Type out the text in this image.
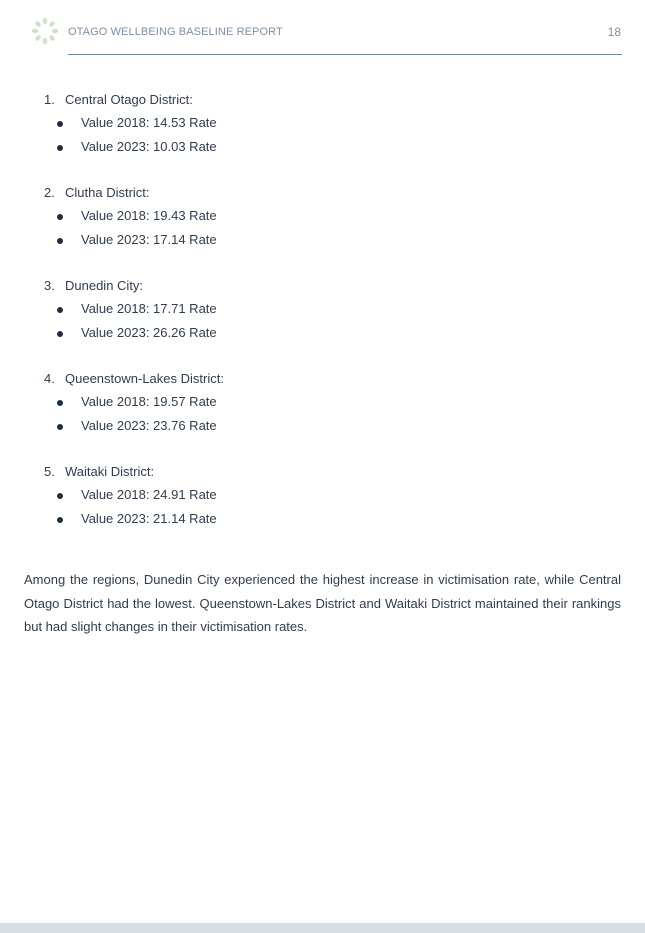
OTAGO WELLBEING BASELINE REPORT	18
1. Central Otago District:
Value 2018: 14.53 Rate
Value 2023: 10.03 Rate
2. Clutha District:
Value 2018: 19.43 Rate
Value 2023: 17.14 Rate
3. Dunedin City:
Value 2018: 17.71 Rate
Value 2023: 26.26 Rate
4. Queenstown-Lakes District:
Value 2018: 19.57 Rate
Value 2023: 23.76 Rate
5. Waitaki District:
Value 2018: 24.91 Rate
Value 2023: 21.14 Rate

Among the regions, Dunedin City experienced the highest increase in victimisation rate, while Central Otago District had the lowest. Queenstown-Lakes District and Waitaki District maintained their rankings but had slight changes in their victimisation rates.
